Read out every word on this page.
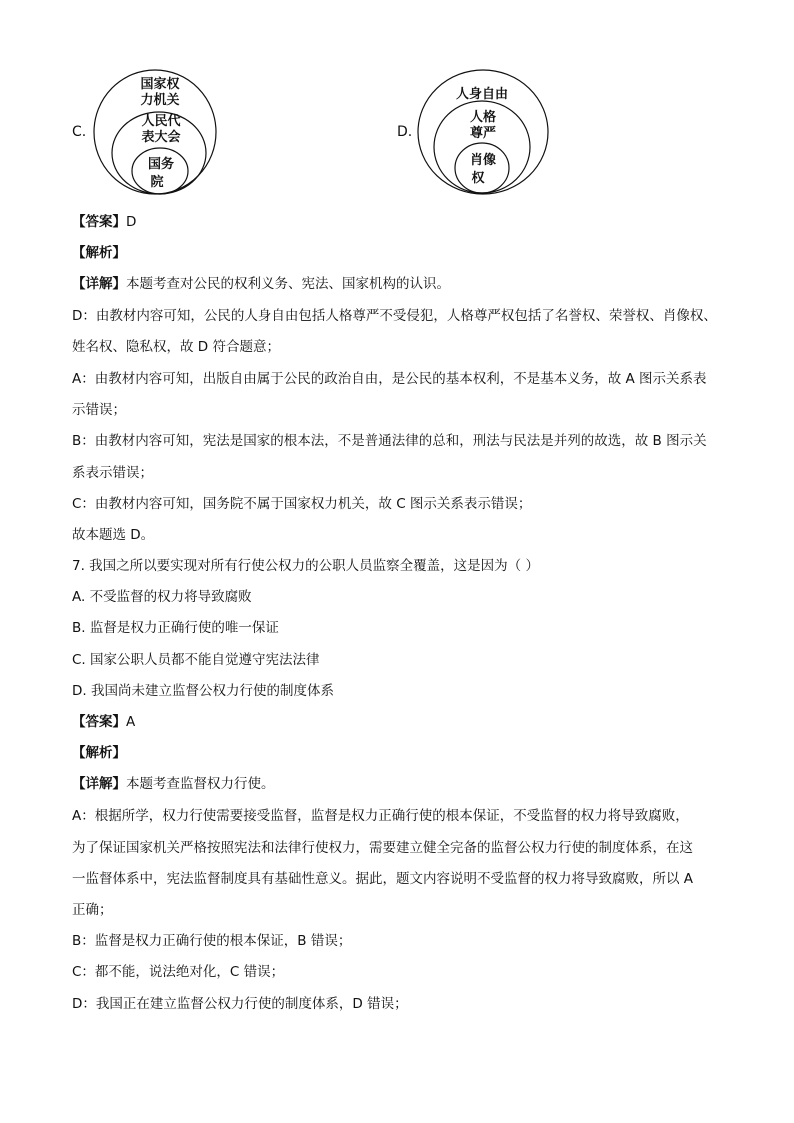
C.
国家权
力机关
人民代
表大会
国务
院
D.
人身自由
人格
尊严
肖像
权
【答案】D
【解析】
【详解】本题考查对公民的权利义务、宪法、国家机构的认识。
D：由教材内容可知，公民的人身自由包括人格尊严不受侵犯，人格尊严权包括了名誉权、荣誉权、肖像权、
姓名权、隐私权，故 D 符合题意；
A：由教材内容可知，出版自由属于公民的政治自由，是公民的基本权利，不是基本义务，故 A 图示关系表
示错误；
B：由教材内容可知，宪法是国家的根本法，不是普通法律的总和，刑法与民法是并列的故选，故 B 图示关
系表示错误；
C：由教材内容可知，国务院不属于国家权力机关，故 C 图示关系表示错误；
故本题选 D。
7. 我国之所以要实现对所有行使公权力的公职人员监察全覆盖，这是因为（ ）
A. 不受监督的权力将导致腐败
B. 监督是权力正确行使的唯一保证
C. 国家公职人员都不能自觉遵守宪法法律
D. 我国尚未建立监督公权力行使的制度体系
【答案】A
【解析】
【详解】本题考查监督权力行使。
A：根据所学，权力行使需要接受监督，监督是权力正确行使的根本保证，不受监督的权力将导致腐败，
为了保证国家机关严格按照宪法和法律行使权力，需要建立健全完备的监督公权力行使的制度体系，在这
一监督体系中，宪法监督制度具有基础性意义。据此，题文内容说明不受监督的权力将导致腐败，所以 A
正确；
B：监督是权力正确行使的根本保证，B 错误；
C：都不能，说法绝对化，C 错误；
D：我国正在建立监督公权力行使的制度体系，D 错误；
